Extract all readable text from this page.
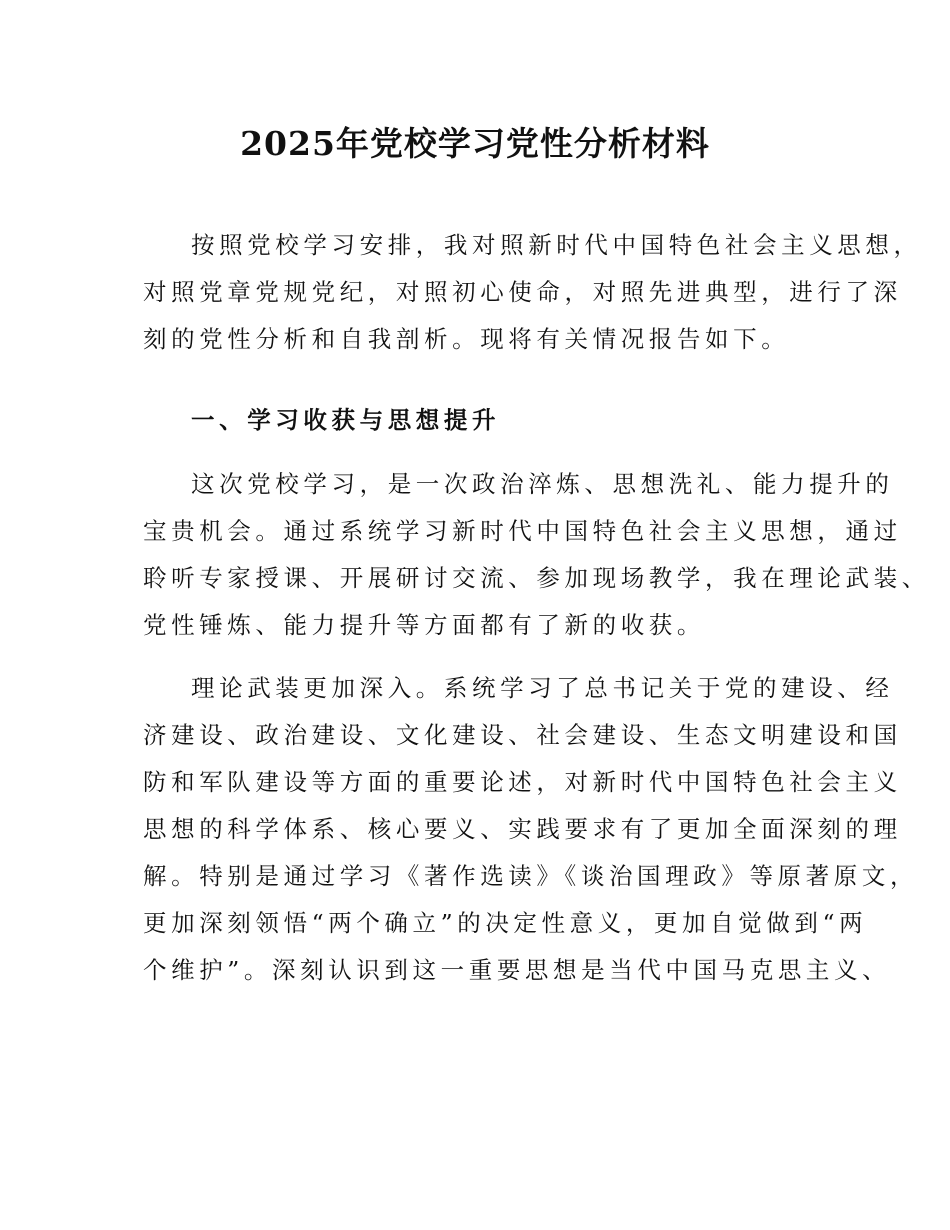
2025年党校学习党性分析材料
按照党校学习安排，我对照新时代中国特色社会主义思想，
对照党章党规党纪，对照初心使命，对照先进典型，进行了深
刻的党性分析和自我剖析。现将有关情况报告如下。
一、学习收获与思想提升
这次党校学习，是一次政治淬炼、思想洗礼、能力提升的
宝贵机会。通过系统学习新时代中国特色社会主义思想，通过
聆听专家授课、开展研讨交流、参加现场教学，我在理论武装、
党性锤炼、能力提升等方面都有了新的收获。
理论武装更加深入。系统学习了总书记关于党的建设、经
济建设、政治建设、文化建设、社会建设、生态文明建设和国
防和军队建设等方面的重要论述，对新时代中国特色社会主义
思想的科学体系、核心要义、实践要求有了更加全面深刻的理
解。特别是通过学习《著作选读》《谈治国理政》等原著原文，
更加深刻领悟“两个确立”的决定性意义，更加自觉做到“两
个维护”。深刻认识到这一重要思想是当代中国马克思主义、
